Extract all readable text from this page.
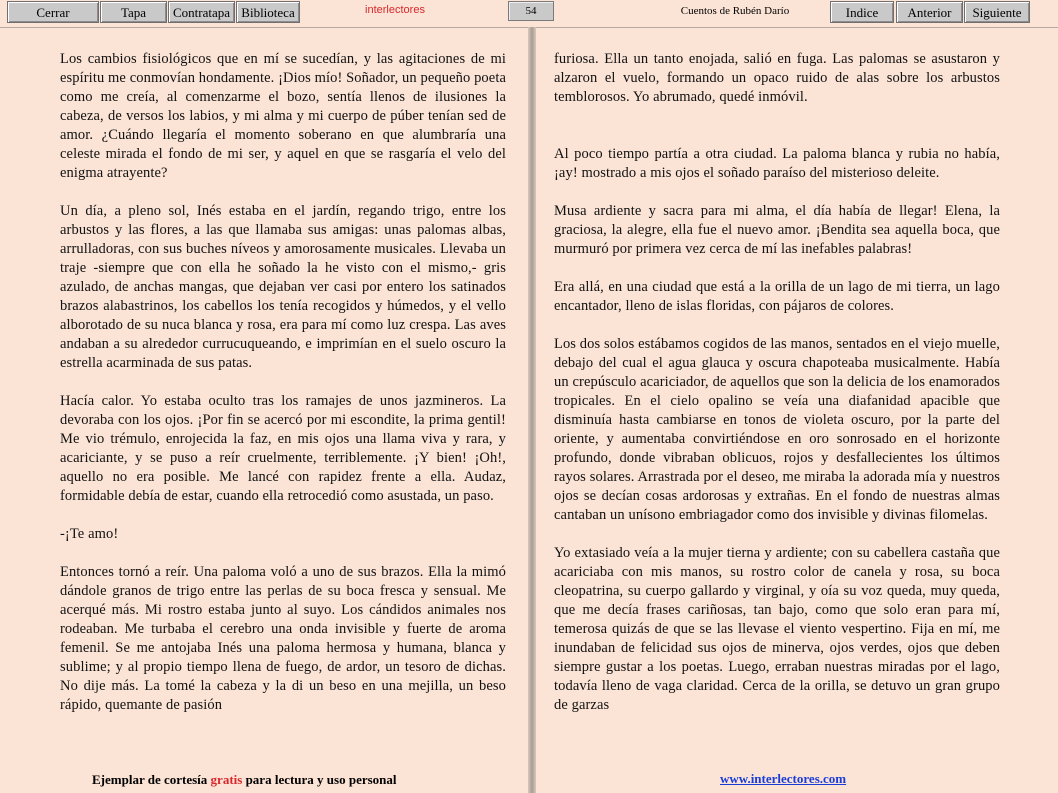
Cerrar	Tapa	Contratapa Biblioteca	interlectores	54	Cuentos de Rubén Darío	Indice	Anterior	Siguiente

Los cambios fisiológicos que en mí se sucedían, y las agitaciones de mi espíritu me conmovían hondamente. ¡Dios mío! Soñador, un pequeño poeta como me creía, al comenzarme el bozo, sentía llenos de ilusiones la cabeza, de versos los labios, y mi alma y mi cuerpo de púber tenían sed de amor. ¿Cuándo llegaría el momento soberano en que alumbraría una celeste mirada el fondo de mi ser, y aquel en que se rasgaría el velo del enigma atrayente?

Un día, a pleno sol, Inés estaba en el jardín, regando trigo, entre los arbustos y las flores, a las que llamaba sus amigas: unas palomas albas, arrulladoras, con sus buches níveos y amorosamente musicales. Llevaba un traje -siempre que con ella he soñado la he visto con el mismo,- gris azulado, de anchas mangas, que dejaban ver casi por entero los satinados brazos alabastrinos, los cabellos los tenía recogidos y húmedos, y el vello alborotado de su nuca blanca y rosa, era para mí como luz crespa. Las aves andaban a su alrededor currucuqueando, e imprimían en el suelo oscuro la estrella acarminada de sus patas.

Hacía calor. Yo estaba oculto tras los ramajes de unos jazmineros. La devoraba con los ojos. ¡Por fin se acercó por mi escondite, la prima gentil! Me vio trémulo, enrojecida la faz, en mis ojos una llama viva y rara, y acariciante, y se puso a reír cruelmente, terriblemente. ¡Y bien! ¡Oh!, aquello no era posible. Me lancé con rapidez frente a ella. Audaz, formidable debía de estar, cuando ella retrocedió como asustada, un paso.

-¡Te amo!

Entonces tornó a reír. Una paloma voló a uno de sus brazos. Ella la mimó dándole granos de trigo entre las perlas de su boca fresca y sensual. Me acerqué más. Mi rostro estaba junto al suyo. Los cándidos animales nos rodeaban. Me turbaba el cerebro una onda invisible y fuerte de aroma femenil. Se me antojaba Inés una paloma hermosa y humana, blanca y sublime; y al propio tiempo llena de fuego, de ardor, un tesoro de dichas. No dije más. La tomé la cabeza y la di un beso en una mejilla, un beso rápido, quemante de pasión

furiosa. Ella un tanto enojada, salió en fuga. Las palomas se asustaron y alzaron el vuelo, formando un opaco ruido de alas sobre los arbustos temblorosos. Yo abrumado, quedé inmóvil.

Al poco tiempo partía a otra ciudad. La paloma blanca y rubia no había, ¡ay! mostrado a mis ojos el soñado paraíso del misterioso deleite.

Musa ardiente y sacra para mi alma, el día había de llegar! Elena, la graciosa, la alegre, ella fue el nuevo amor. ¡Bendita sea aquella boca, que murmuró por primera vez cerca de mí las inefables palabras!

Era allá, en una ciudad que está a la orilla de un lago de mi tierra, un lago encantador, lleno de islas floridas, con pájaros de colores.

Los dos solos estábamos cogidos de las manos, sentados en el viejo muelle, debajo del cual el agua glauca y oscura chapoteaba musicalmente. Había un crepúsculo acariciador, de aquellos que son la delicia de los enamorados tropicales. En el cielo opalino se veía una diafanidad apacible que disminuía hasta cambiarse en tonos de violeta oscuro, por la parte del oriente, y aumentaba convirtiéndose en oro sonrosado en el horizonte profundo, donde vibraban oblicuos, rojos y desfallecientes los últimos rayos solares. Arrastrada por el deseo, me miraba la adorada mía y nuestros ojos se decían cosas ardorosas y extrañas. En el fondo de nuestras almas cantaban un unísono embriagador como dos invisible y divinas filomelas.

Yo extasiado veía a la mujer tierna y ardiente; con su cabellera castaña que acariciaba con mis manos, su rostro color de canela y rosa, su boca cleopatrina, su cuerpo gallardo y virginal, y oía su voz queda, muy queda, que me decía frases cariñosas, tan bajo, como que solo eran para mí, temerosa quizás de que se las llevase el viento vespertino. Fija en mí, me inundaban de felicidad sus ojos de minerva, ojos verdes, ojos que deben siempre gustar a los poetas. Luego, erraban nuestras miradas por el lago, todavía lleno de vaga claridad. Cerca de la orilla, se detuvo un gran grupo de garzas

Ejemplar de cortesía gratis para lectura y uso personal	www.interlectores.com
